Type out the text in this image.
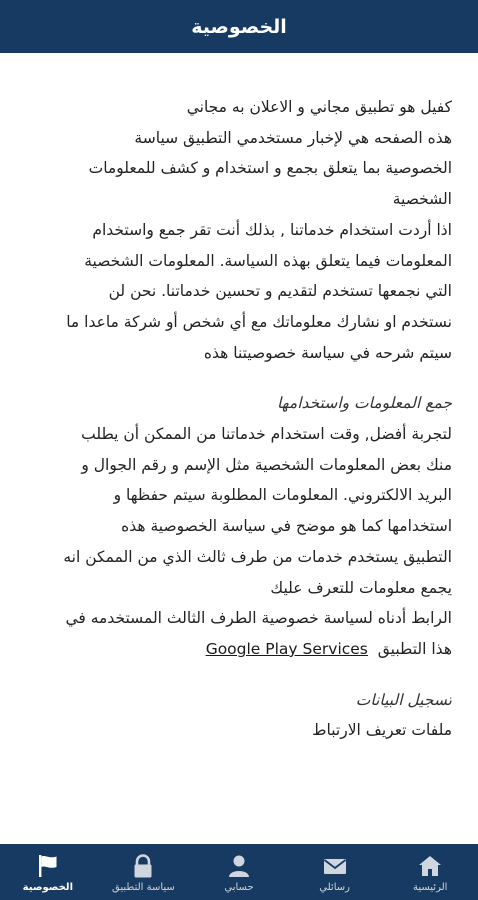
الخصوصية

كفيل هو تطبيق مجاني و الاعلان به مجاني

هذه الصفحه هي لإخبار مستخدمي التطبيق سياسة

الخصوصية بما يتعلق بجمع و استخدام و كشف للمعلومات

الشخصية

اذا أردت استخدام خدماتنا , بذلك أنت تقر جمع واستخدام

المعلومات فيما يتعلق بهذه السياسة. المعلومات الشخصية

التي نجمعها تستخدم لتقديم و تحسين خدماتنا. نحن لن

نستخدم او نشارك معلوماتك مع أي شخص أو شركة ماعدا ما

سيتم شرحه في سياسة خصوصيتنا هذه

جمع المعلومات واستخدامها

لتجربة أفضل, وقت استخدام خدماتنا من الممكن أن يطلب

منك بعض المعلومات الشخصية مثل الإسم و رقم الجوال و

البريد الالكتروني. المعلومات المطلوبة سيتم حفظها و

استخدامها كما هو موضح في سياسة الخصوصية هذه

التطبيق يستخدم خدمات من طرف ثالث الذي من الممكن انه

يجمع معلومات للتعرف عليك

الرابط أدناه لسياسة خصوصية الطرف الثالث المستخدمه في

هذا التطبيق  Google Play Services

تسجيل البيانات

ملفات تعريف الارتباط

الرئيسية
رسائلي
حسابي
سياسة التطبيق
الخصوصية
